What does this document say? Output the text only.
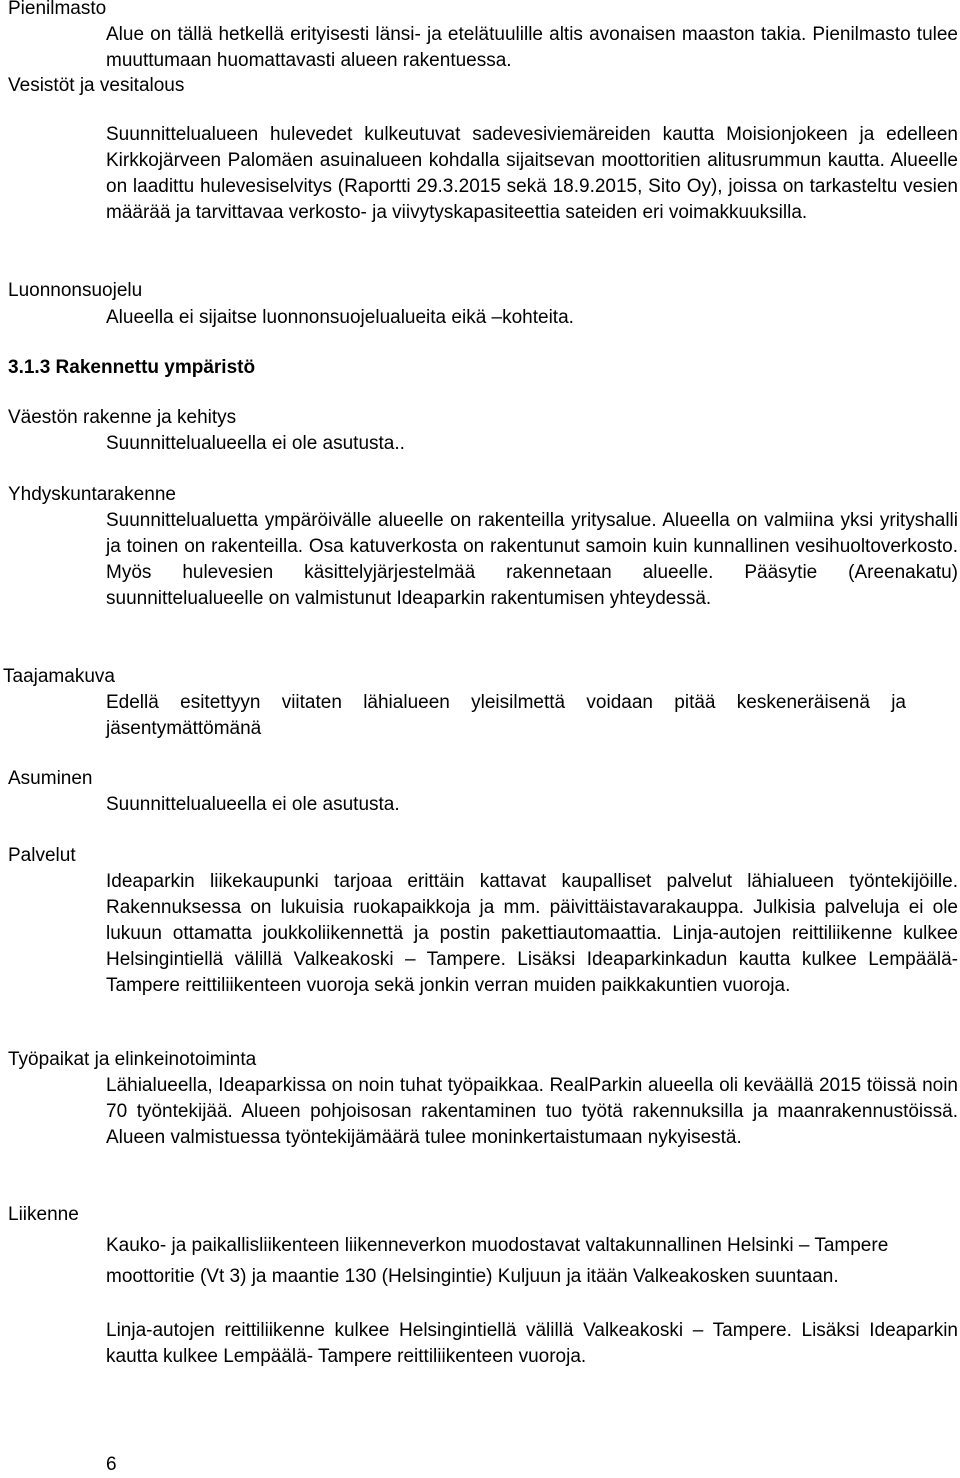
Pienilmasto

Alue on tällä hetkellä erityisesti länsi- ja etelätuulille altis avonaisen maaston takia. Pienilmasto tulee muuttumaan huomattavasti alueen rakentuessa.

Vesistöt ja vesitalous

Suunnittelualueen hulevedet kulkeutuvat sadevesiviemäreiden kautta Moisionjokeen ja edelleen Kirkkojärveen Palomäen asuinalueen kohdalla sijaitsevan moottoritien alitusrummun kautta. Alueelle on laadittu hulevesiselvitys (Raportti 29.3.2015 sekä 18.9.2015, Sito Oy), joissa on tarkasteltu vesien määrää ja tarvittavaa verkosto- ja viivytyskapasiteettia sateiden eri voimakkuuksilla.

Luonnonsuojelu

Alueella ei sijaitse luonnonsuojelualueita eikä –kohteita.

3.1.3 Rakennettu ympäristö
Väestön rakenne ja kehitys

Suunnittelualueella ei ole asutusta..

Yhdyskuntarakenne

Suunnittelualuetta ympäröivälle alueelle on rakenteilla yritysalue. Alueella on valmiina yksi yrityshalli ja toinen on rakenteilla. Osa katuverkosta on rakentunut samoin kuin kunnallinen vesihuoltoverkosto. Myös hulevesien käsittelyjärjestelmää rakennetaan alueelle. Pääsytie (Areenakatu) suunnittelualueelle on valmistunut Ideaparkin rakentumisen yhteydessä.

Taajamakuva

Edellä esitettyyn viitaten lähialueen yleisilmettä voidaan pitää keskeneräisenä ja jäsentymättömänä

Asuminen

Suunnittelualueella ei ole asutusta.

Palvelut

Ideaparkin liikekaupunki tarjoaa erittäin kattavat kaupalliset palvelut lähialueen työntekijöille. Rakennuksessa on lukuisia ruokapaikkoja ja mm. päivittäistavarakauppa. Julkisia palveluja ei ole lukuun ottamatta joukkoliikennettä ja postin pakettiautomaattia. Linja-autojen reittiliikenne kulkee Helsingintiellä välillä Valkeakoski – Tampere. Lisäksi Ideaparkinkadun kautta kulkee Lempäälä- Tampere reittiliikenteen vuoroja sekä jonkin verran muiden paikkakuntien vuoroja.

Työpaikat ja elinkeinotoiminta

Lähialueella, Ideaparkissa on noin tuhat työpaikkaa. RealParkin alueella oli keväällä 2015 töissä noin 70 työntekijää. Alueen pohjoisosan rakentaminen tuo työtä rakennuksilla ja maanrakennustöissä. Alueen valmistuessa työntekijämäärä tulee moninkertaistumaan nykyisestä.

Liikenne

Kauko- ja paikallisliikenteen liikenneverkon muodostavat valtakunnallinen Helsinki – Tampere moottoritie (Vt 3) ja maantie 130 (Helsingintie) Kuljuun ja itään Valkeakosken suuntaan.

Linja-autojen reittiliikenne kulkee Helsingintiellä välillä Valkeakoski – Tampere. Lisäksi Ideaparkin kautta kulkee Lempäälä- Tampere reittiliikenteen vuoroja.

6
